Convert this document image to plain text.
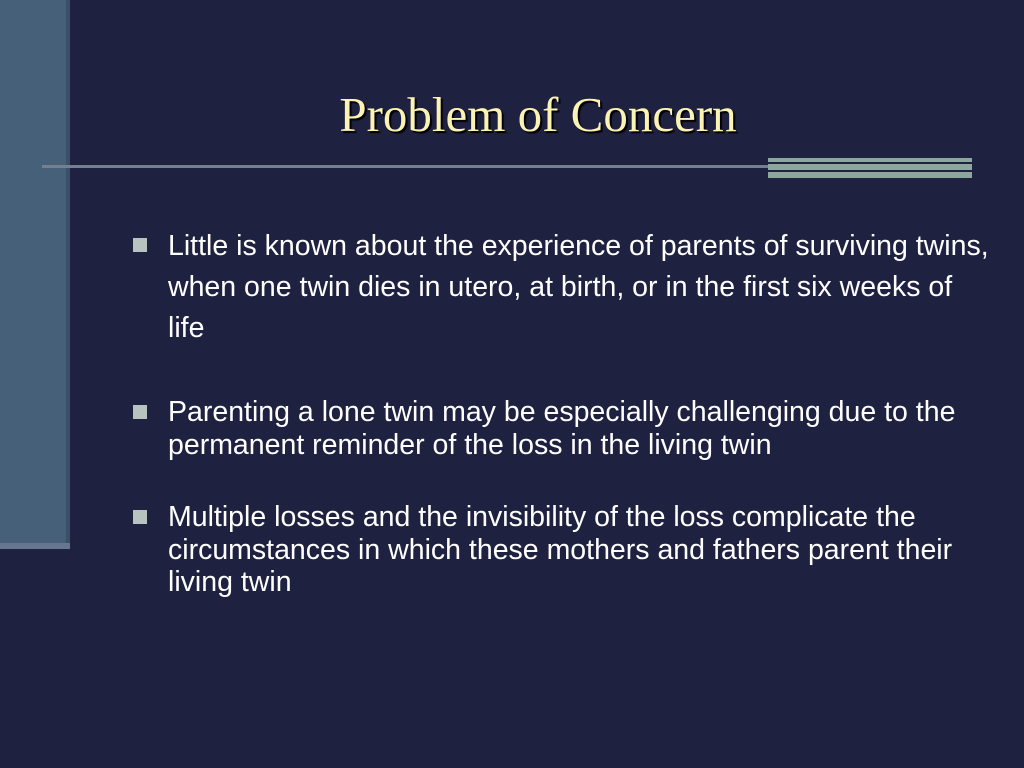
Problem of Concern
Little is known about the experience of parents of surviving twins, when one twin dies in utero, at birth, or in the first six weeks of life
Parenting a lone twin may be especially challenging due to the permanent reminder of the loss in the living twin
Multiple losses and the invisibility of the loss complicate the circumstances in which these mothers and fathers parent their living twin
